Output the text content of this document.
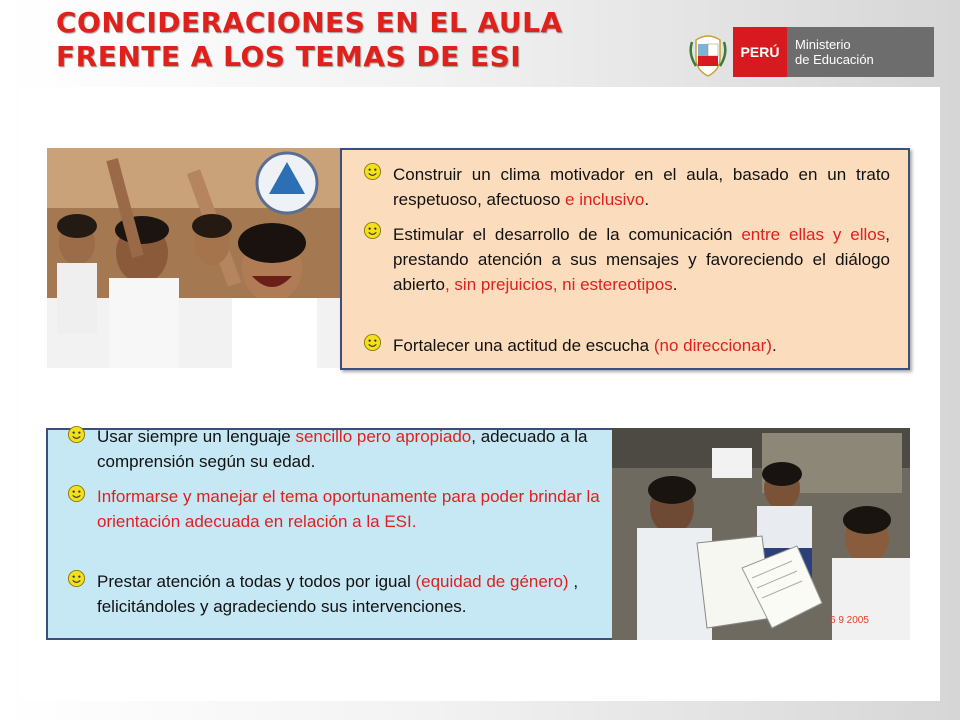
CONCIDERACIONES EN EL AULA
FRENTE A LOS TEMAS DE ESI	PERÚ	Ministerio
de Educación
Construir un clima motivador en el aula, basado en un trato respetuoso, afectuoso e inclusivo.
Estimular el desarrollo de la comunicación entre ellas y ellos, prestando atención a sus mensajes y favoreciendo el diálogo abierto, sin prejuicios, ni estereotipos.
Fortalecer una actitud de escucha (no direccionar).
6 9 2005
Usar siempre un lenguaje sencillo pero apropiado, adecuado a la comprensión según su edad.
Informarse y manejar el tema oportunamente para poder brindar la orientación adecuada en relación a la ESI.
Prestar atención a todas y todos por igual (equidad de género) , felicitándoles y agradeciendo sus intervenciones.
